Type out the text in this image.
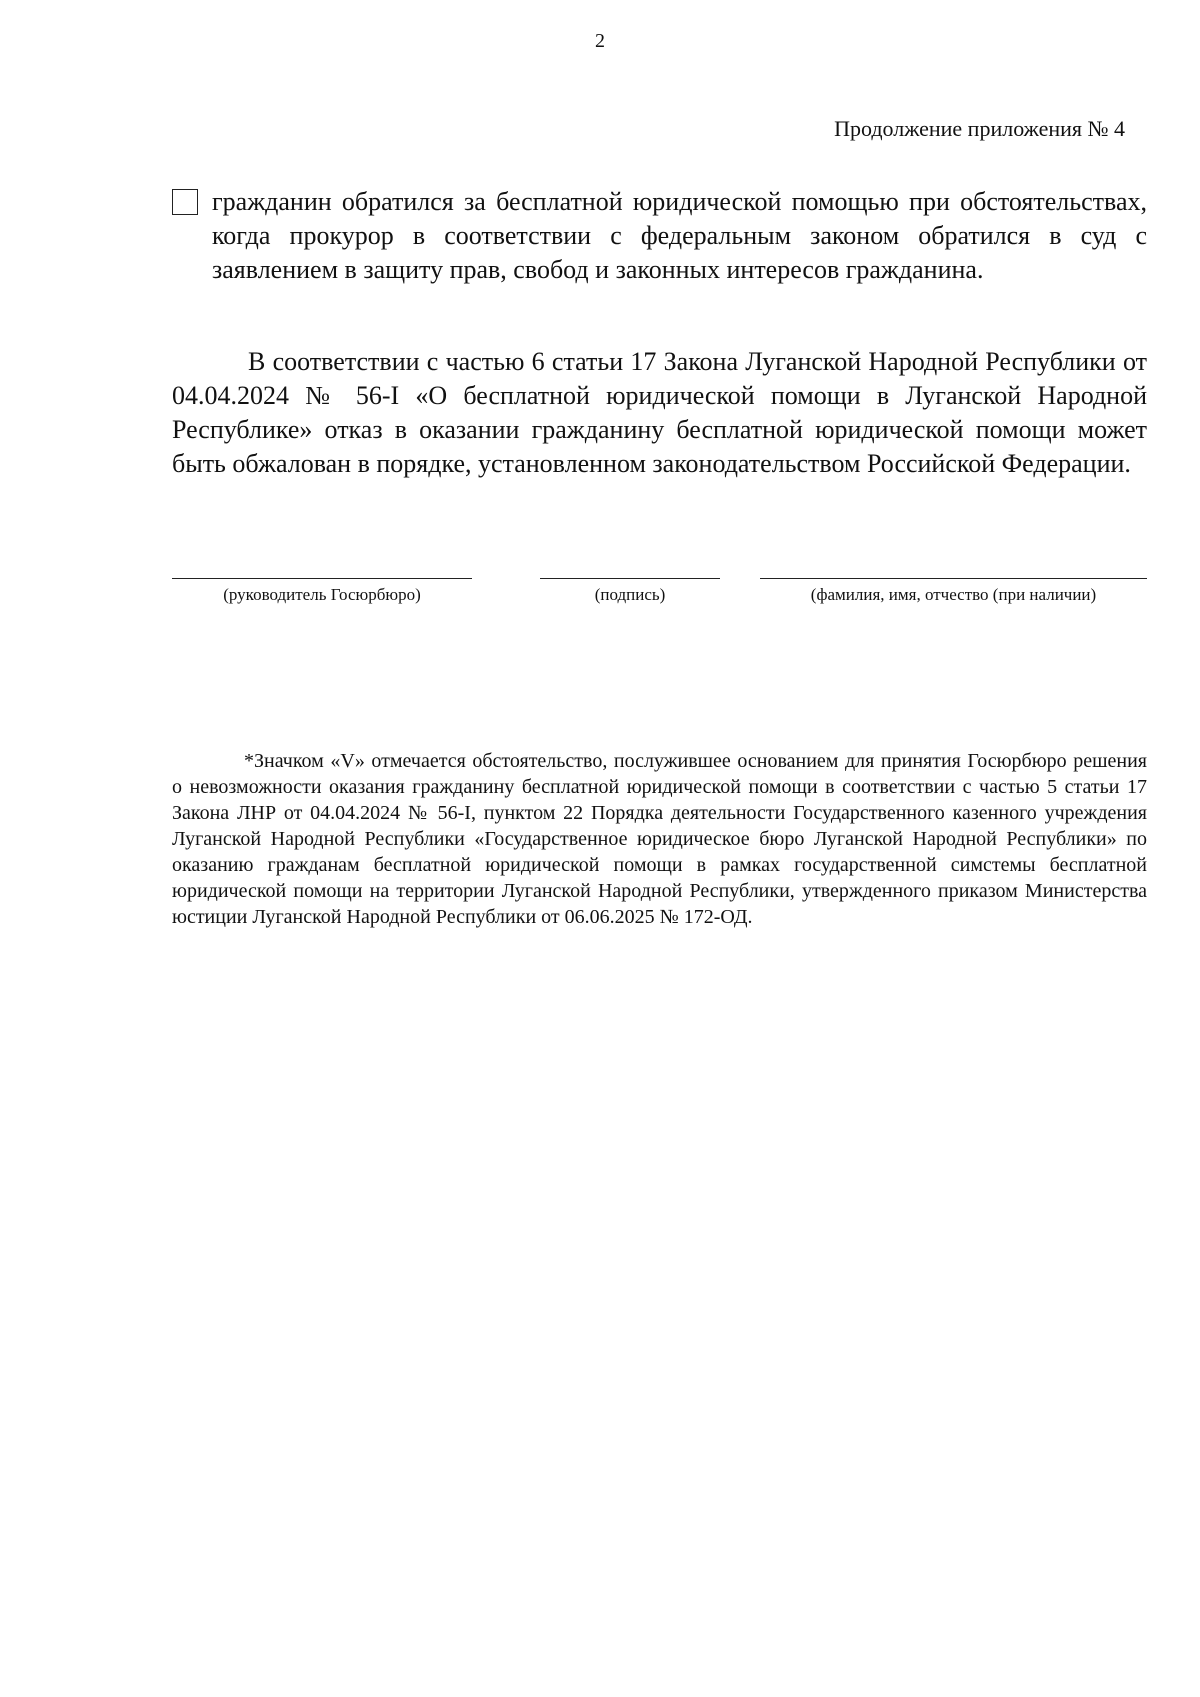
2
Продолжение приложения № 4
гражданин обратился за бесплатной юридической помощью при обстоятельствах, когда прокурор в соответствии с федеральным законом обратился в суд с заявлением в защиту прав, свобод и законных интересов гражданина.

В соответствии с частью 6 статьи 17 Закона Луганской Народной Республики от 04.04.2024 № 56-I «О бесплатной юридической помощи в Луганской Народной Республике» отказ в оказании гражданину бесплатной юридической помощи может быть обжалован в порядке, установленном законодательством Российской Федерации.

(руководитель Госюрбюро)	(подпись)	(фамилия, имя, отчество (при наличии)

*Значком «V» отмечается обстоятельство, послужившее основанием для принятия Госюрбюро решения о невозможности оказания гражданину бесплатной юридической помощи в соответствии с частью 5 статьи 17 Закона ЛНР от 04.04.2024 № 56-I, пунктом 22 Порядка деятельности Государственного казенного учреждения Луганской Народной Республики «Государственное юридическое бюро Луганской Народной Республики» по оказанию гражданам бесплатной юридической помощи в рамках государственной симстемы бесплатной юридической помощи на территории Луганской Народной Республики, утвержденного приказом Министерства юстиции Луганской Народной Республики от 06.06.2025 № 172-ОД.
